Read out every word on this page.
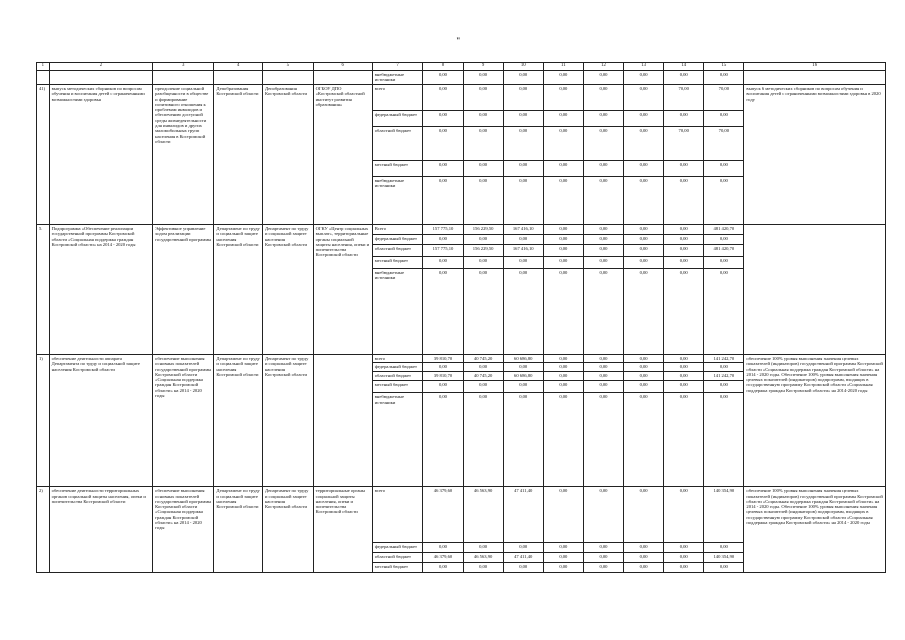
"
1	2	3	4	5	6	7	8	9	10	11	12	13	14	15	16
						внебюджетные источники	0,00	0,00	0,00	0,00	0,00	0,00	0,00	0,00	
41)	выпуск методических сборников по вопросам обучения и воспитания детей с ограниченными возможностями здоровья	преодоление социальной разобщенности в обществе и формирование позитивного отношения к проблемам инвалидов и обеспечению доступной среды жизнедеятельности для инвалидов и других маломобильных групп населения в Костромской области	Депобразования Костромской области	Депобразования Костромской области	ОГБОУ ДПО «Костромской областной институт развития образования»	всего	0,00	0,00	0,00	0,00	0,00	0,00	70,00	70,00	выпуск 6 методических сборников по вопросам обучения и воспитания детей с ограниченными возможностями здоровья в 2020 году
						федеральный бюджет	0,00	0,00	0,00	0,00	0,00	0,00	0,00	0,00	
						областной бюджет	0,00	0,00	0,00	0,00	0,00	0,00	70,00	70,00	
						местный бюджет	0,00	0,00	0,00	0,00	0,00	0,00	0,00	0,00	
						внебюджетные источники	0,00	0,00	0,00	0,00	0,00	0,00	0,00	0,00	
5.	Подпрограмма «Обеспечение реализации государственной программы Костромской области «Социальная поддержка граждан Костромской области» на 2014 - 2020 годы	Эффективное управление ходом реализации государственной программы	Департамент по труду и социальной защите населения Костромской области	Департамент по труду и социальной защите населения Костромской области	ОГКУ «Центр социальных выплат», территориальные органы социальной защиты населения, опеки и попечительства Костромской области	Всего	157 775,10	156 229,50	167 416,10	0,00	0,00	0,00	0,00	481 420,70	
						федеральный бюджет	0,00	0,00	0,00	0,00	0,00	0,00	0,00	0,00	
						областной бюджет	157 775,10	156 229,50	167 416,10	0,00	0,00	0,00	0,00	481 420,70	
						местный бюджет	0,00	0,00	0,00	0,00	0,00	0,00	0,00	0,00	
						внебюджетные источники	0,00	0,00	0,00	0,00	0,00	0,00	0,00	0,00	
1)	обеспечение деятельности аппарата Департамента по труду и социальной защите населения Костромской области	обеспечение выполнения основных показателей государственной программы Костромской области «Социальная поддержка граждан Костромской области» на 2014 - 2020 годы	Департамент по труду и социальной защите населения Костромской области	Департамент по труду и социальной защите населения Костромской области		всего	39 810,70	40 745,20	60 686,80	0,00	0,00	0,00	0,00	141 242,70	обеспечение 100% уровня выполнения значения целевых показателей (индикаторов) государственной программы Костромской области «Социальная поддержка граждан Костромской области» на 2014 - 2020 годы. Обеспечение 100% уровня выполнения значения целевых показателей (индикаторов) подпрограмм, входящих в государственную программу Костромской области «Социальная поддержка граждан Костромской области» на 2014-2020 годы
						федеральный бюджет	0,00	0,00	0,00	0,00	0,00	0,00	0,00	0,00	
						областной бюджет	39 810,70	40 745,20	60 686,80	0,00	0,00	0,00	0,00	141 242,70	
						местный бюджет	0,00	0,00	0,00	0,00	0,00	0,00	0,00	0,00	
						внебюджетные источники	0,00	0,00	0,00	0,00	0,00	0,00	0,00	0,00	
2)	обеспечение деятельности территориальных органов социальной защиты населения, опеки и попечительства Костромской области	обеспечение выполнения основных показателей государственной программы Костромской области «Социальная поддержка граждан Костромской области» на 2014 - 2020 годы	Департамент по труду и социальной защите населения Костромской области	Департамент по труду и социальной защите населения Костромской области	территориальные органы социальной защиты населения, опеки и попечительства Костромской области	всего	46 379,60	46 563,90	47 411,40	0,00	0,00	0,00	0,00	140 354,90	обеспечение 100% уровня выполнения значения целевых показателей (индикаторов) государственной программы Костромской области «Социальная поддержка граждан Костромской области» на 2014 - 2020 годы. Обеспечение 100% уровня выполнения значения целевых показателей (индикаторов) подпрограмм, входящих в государственную программу Костромской области «Социальная поддержка граждан Костромской области» на 2014 - 2020 годы
						федеральный бюджет	0,00	0,00	0,00	0,00	0,00	0,00	0,00	0,00	
						областной бюджет	46 379,60	46 563,90	47 411,40	0,00	0,00	0,00	0,00	140 354,90	
						местный бюджет	0,00	0,00	0,00	0,00	0,00	0,00	0,00	0,00	
